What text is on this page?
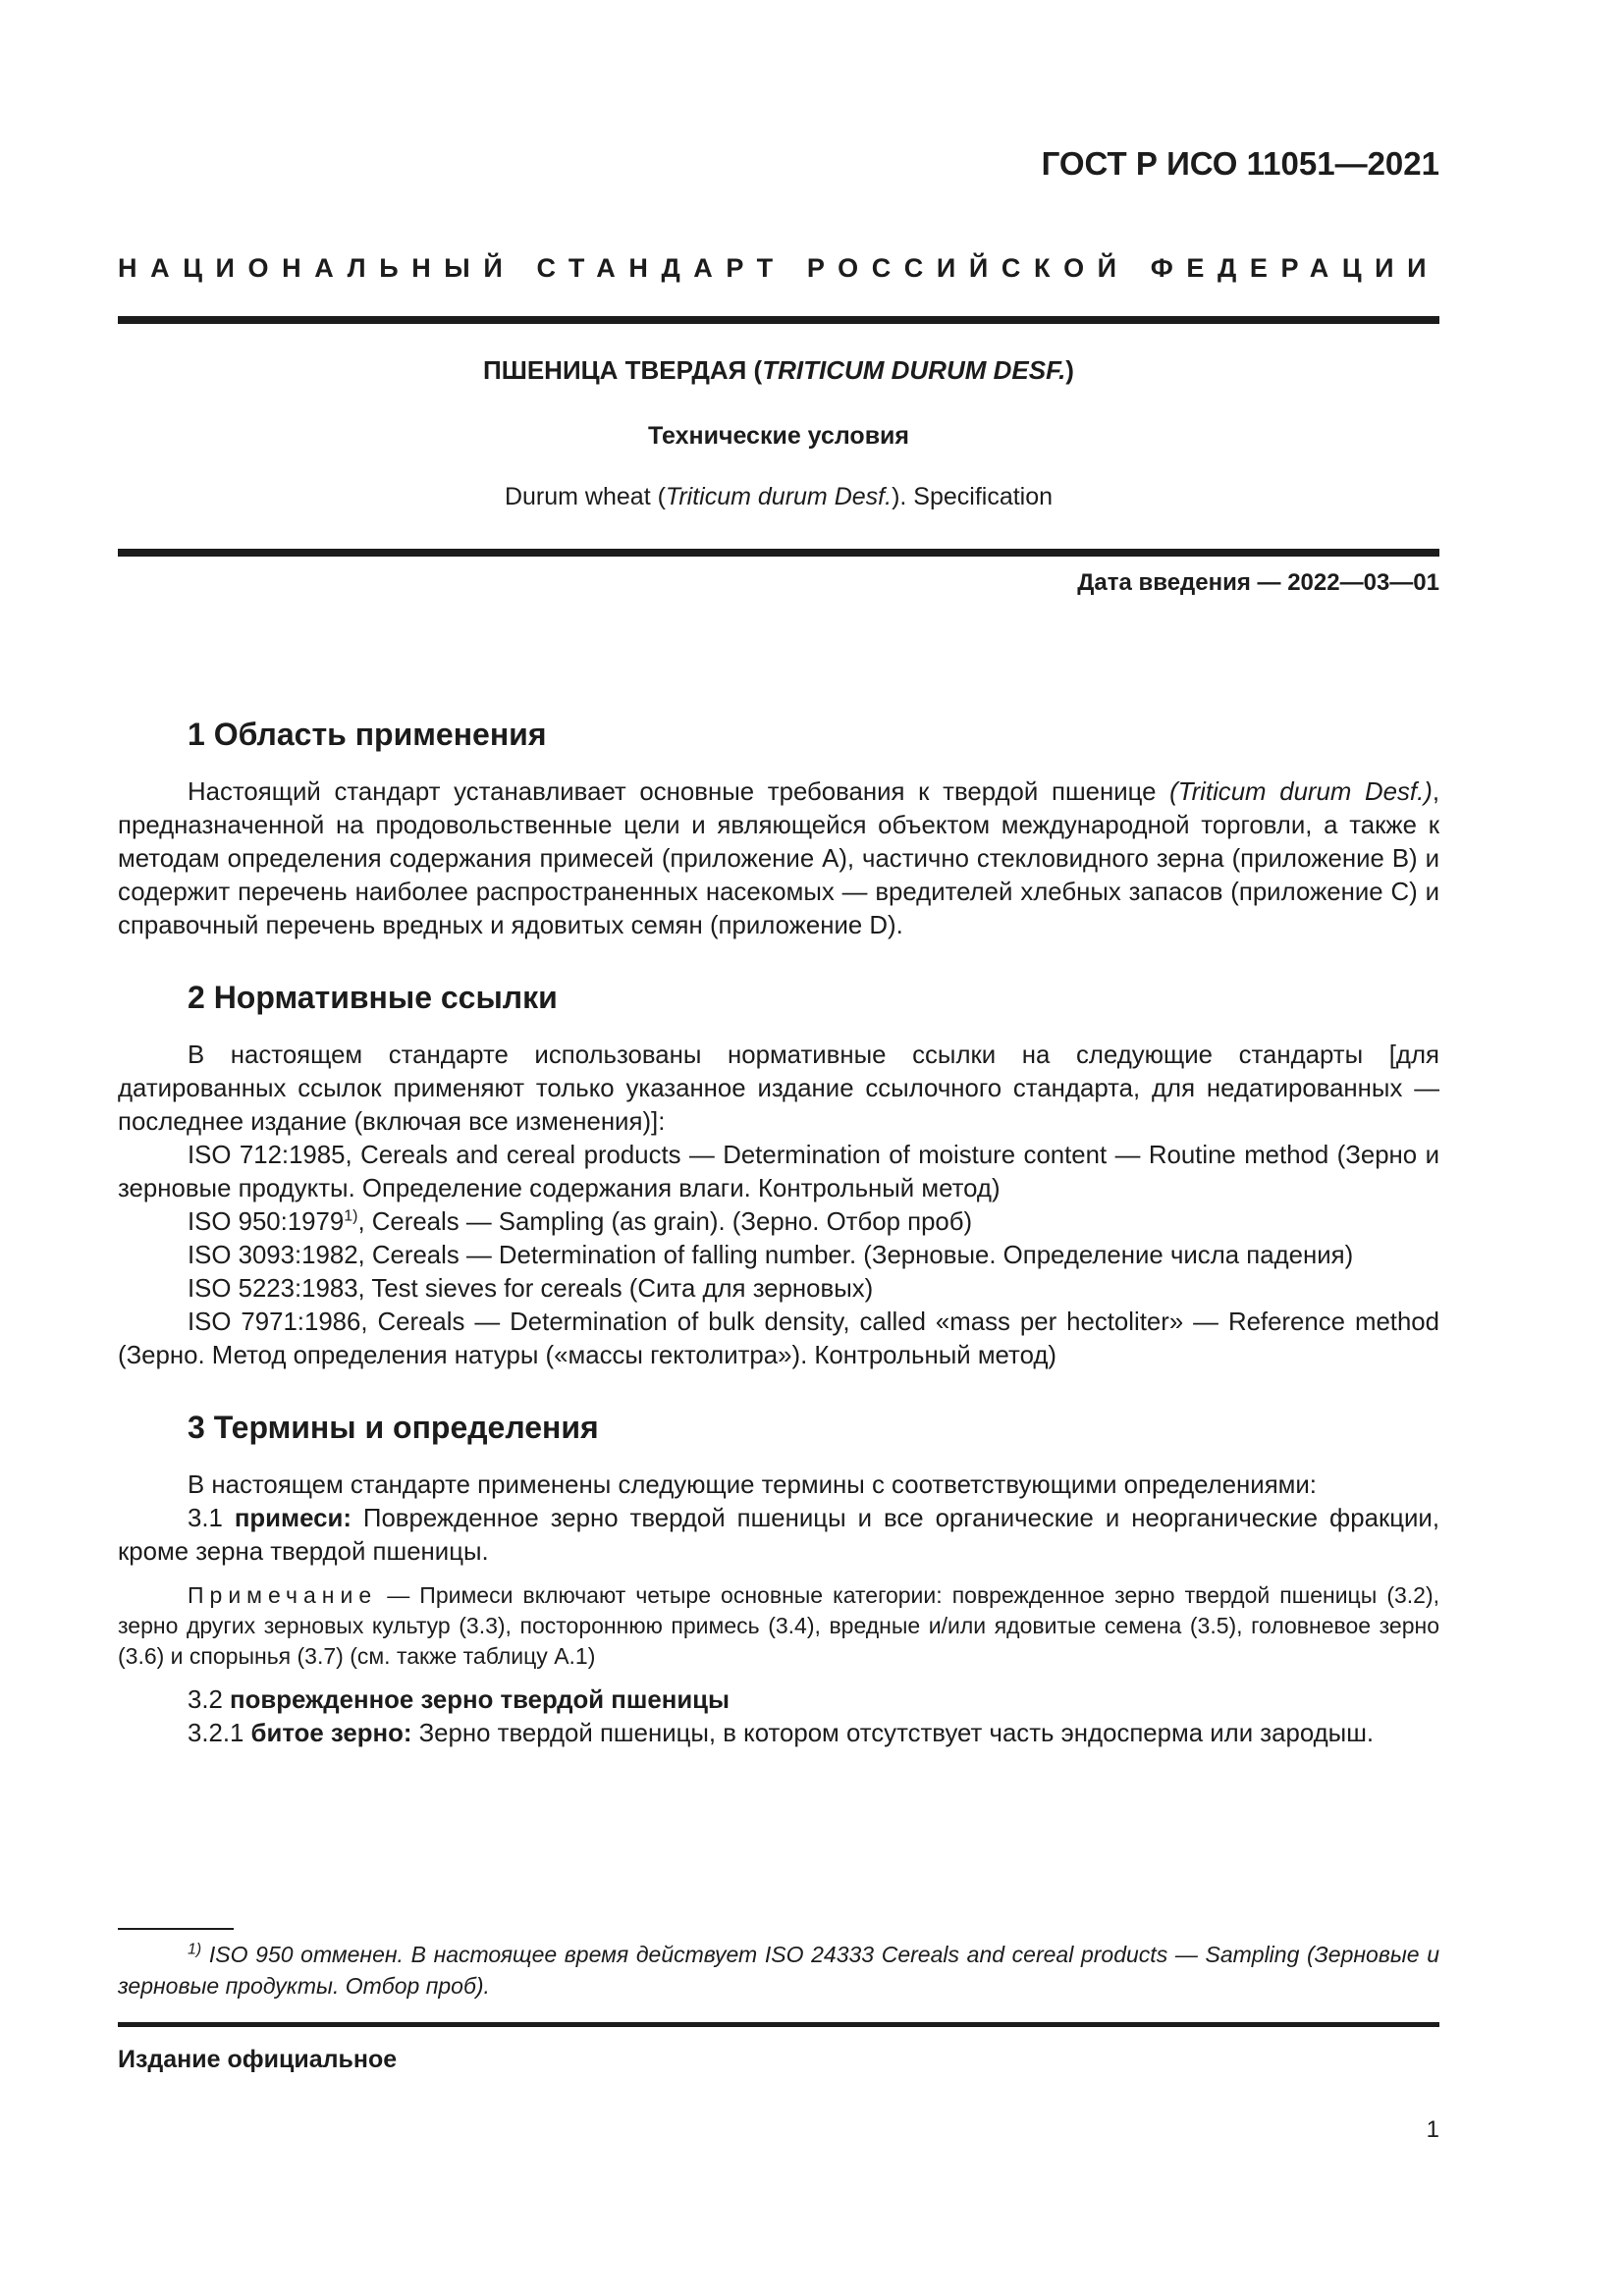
ГОСТ Р ИСО 11051—2021
НАЦИОНАЛЬНЫЙ СТАНДАРТ РОССИЙСКОЙ ФЕДЕРАЦИИ
ПШЕНИЦА ТВЕРДАЯ (TRITICUM DURUM DESF.)
Технические условия
Durum wheat (Triticum durum Desf.). Specification
Дата введения — 2022—03—01
1 Область применения

Настоящий стандарт устанавливает основные требования к твердой пшенице (Triticum durum Desf.), предназначенной на продовольственные цели и являющейся объектом международной торговли, а также к методам определения содержания примесей (приложение А), частично стекловидного зерна (приложение В) и содержит перечень наиболее распространенных насекомых — вредителей хлебных запасов (приложение С) и справочный перечень вредных и ядовитых семян (приложение D).

2 Нормативные ссылки

В настоящем стандарте использованы нормативные ссылки на следующие стандарты [для датированных ссылок применяют только указанное издание ссылочного стандарта, для недатированных — последнее издание (включая все изменения)]:

ISO 712:1985, Cereals and cereal products — Determination of moisture content — Routine method (Зерно и зерновые продукты. Определение содержания влаги. Контрольный метод)

ISO 950:1979$^{1)}$, Cereals — Sampling (as grain). (Зерно. Отбор проб)

ISO 3093:1982, Cereals — Determination of falling number. (Зерновые. Определение числа падения)

ISO 5223:1983, Test sieves for cereals (Сита для зерновых)

ISO 7971:1986, Cereals — Determination of bulk density, called «mass per hectoliter» — Reference method (Зерно. Метод определения натуры («массы гектолитра»). Контрольный метод)

3 Термины и определения

В настоящем стандарте применены следующие термины с соответствующими определениями:

3.1 примеси: Поврежденное зерно твердой пшеницы и все органические и неорганические фракции, кроме зерна твердой пшеницы.

Примечание — Примеси включают четыре основные категории: поврежденное зерно твердой пшеницы (3.2), зерно других зерновых культур (3.3), постороннюю примесь (3.4), вредные и/или ядовитые семена (3.5), головневое зерно (3.6) и спорынья (3.7) (см. также таблицу А.1)

3.2 поврежденное зерно твердой пшеницы

3.2.1 битое зерно: Зерно твердой пшеницы, в котором отсутствует часть эндосперма или зародыш.

$^{1)}$ ISO 950 отменен. В настоящее время действует ISO 24333 Cereals and cereal products — Sampling (Зерновые и зерновые продукты. Отбор проб).

Издание официальное
1
